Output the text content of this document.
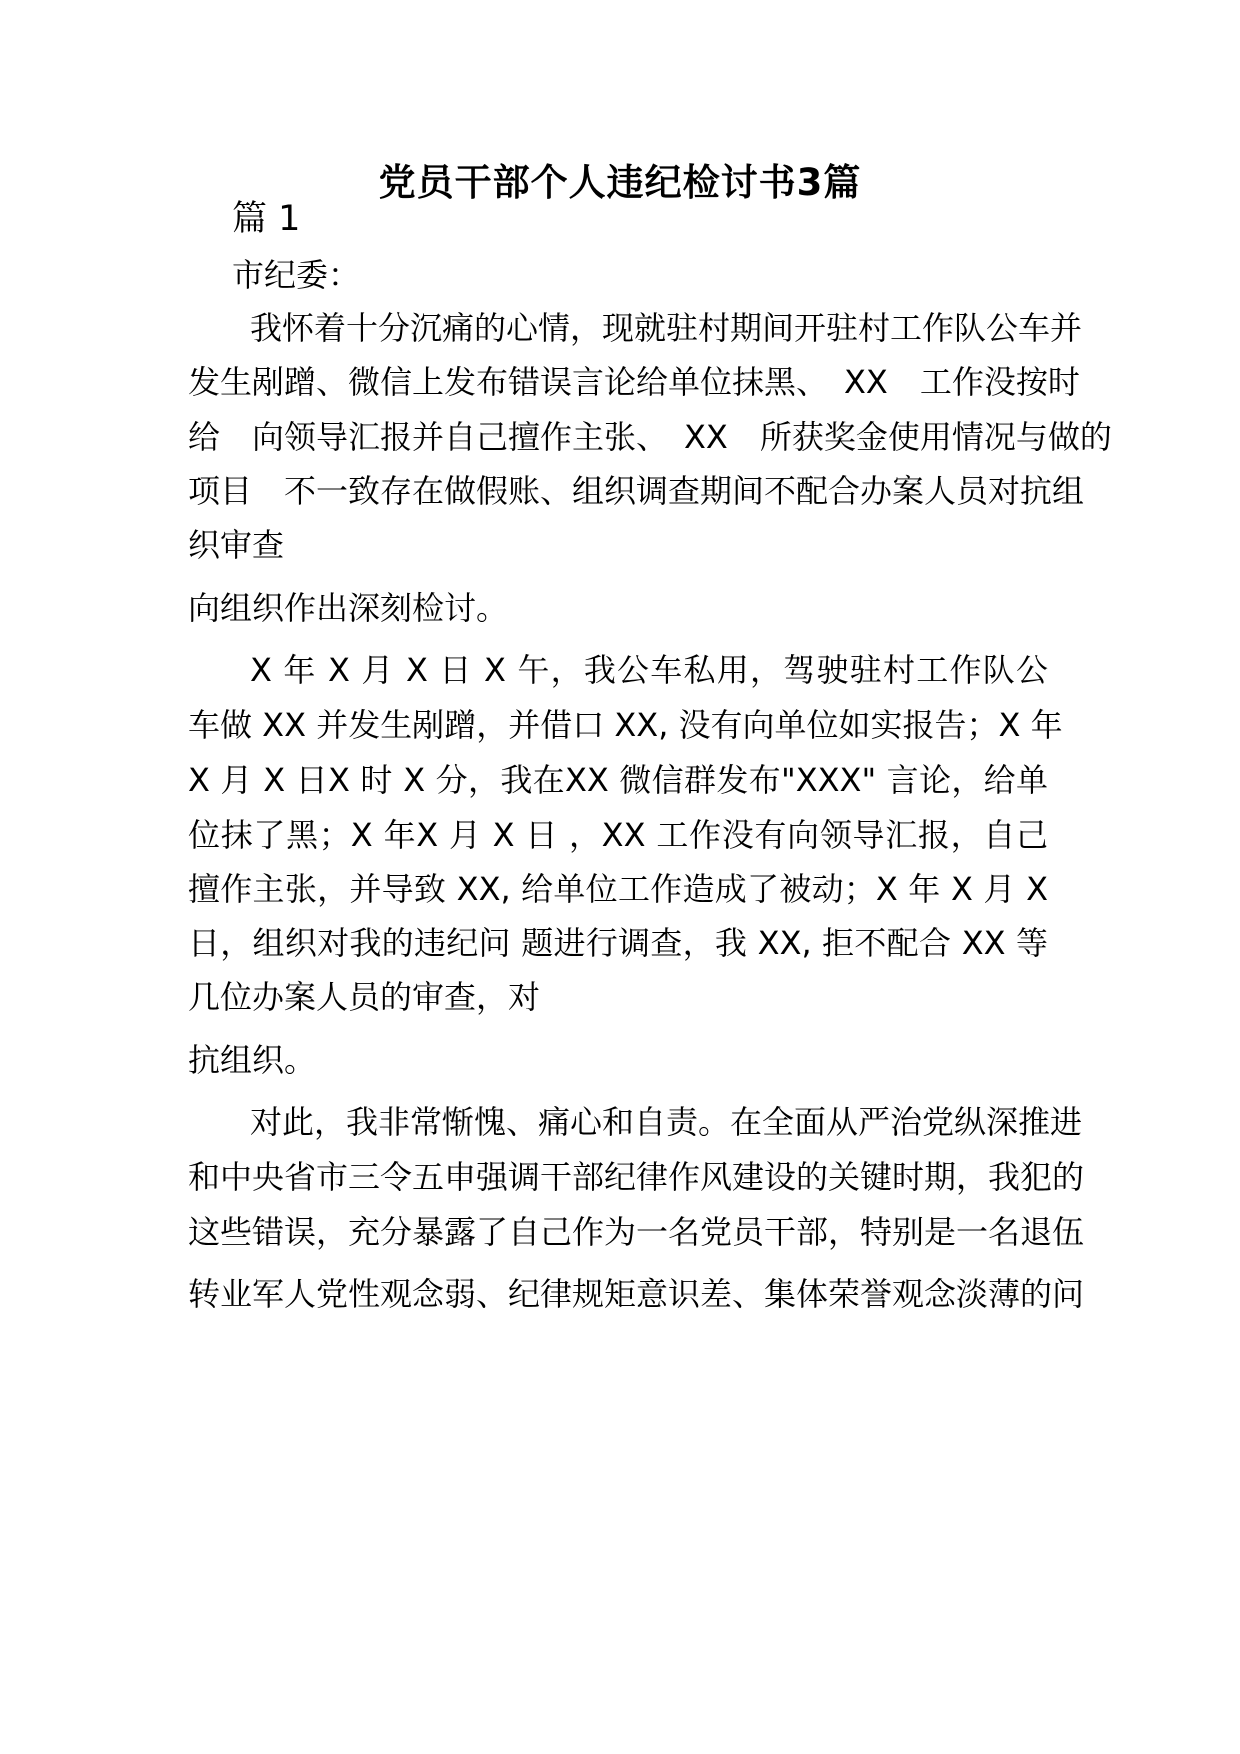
党员干部个人违纪检讨书3篇
篇 1
市纪委：
我怀着十分沉痛的心情，现就驻村期间开驻村工作队公车并
发生剐蹭、微信上发布错误言论给单位抹黑、　XX　工作没按时
给　向领导汇报并自己擅作主张、　XX　所获奖金使用情况与做的
项目　不一致存在做假账、组织调查期间不配合办案人员对抗组
织审查
向组织作出深刻检讨。
X 年 X 月 X 日 X 午，我公车私用，驾驶驻村工作队公
车做 XX 并发生剐蹭，并借口 XX, 没有向单位如实报告；X 年
X 月 X 日X 时 X 分，我在XX 微信群发布"XXX" 言论，给单
位抹了黑；X 年X 月 X 日 ，XX 工作没有向领导汇报，自己
擅作主张，并导致 XX, 给单位工作造成了被动；X 年 X 月 X
日，组织对我的违纪问 题进行调查，我 XX, 拒不配合 XX 等
几位办案人员的审查，对
抗组织。
对此，我非常惭愧、痛心和自责。在全面从严治党纵深推进
和中央省市三令五申强调干部纪律作风建设的关键时期，我犯的
这些错误，充分暴露了自己作为一名党员干部，特别是一名退伍
转业军人党性观念弱、纪律规矩意识差、集体荣誉观念淡薄的问
